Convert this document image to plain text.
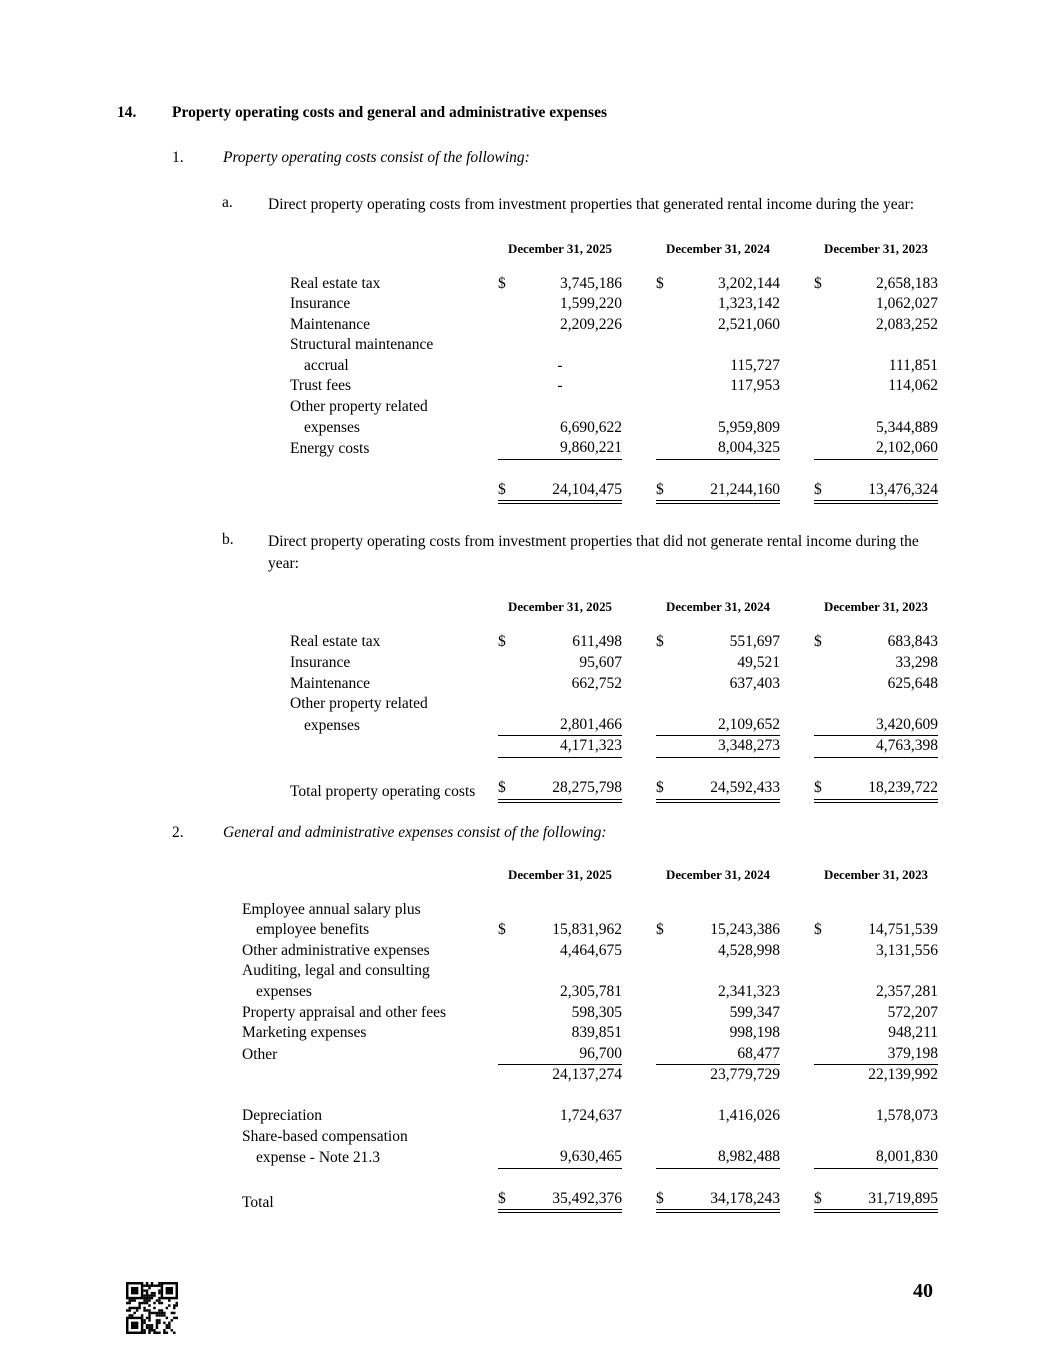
14.	Property operating costs and general and administrative expenses
1.	Property operating costs consist of the following:
a.	Direct property operating costs from investment properties that generated rental income during the year:
December 31, 2025	December 31, 2024	December 31, 2023
Real estate tax	$	3,745,186 $	3,202,144 $	2,658,183
Insurance	1,599,220	1,323,142	1,062,027
Maintenance	2,209,226	2,521,060	2,083,252
Structural maintenance
accrual	-	115,727	111,851
Trust fees	-	117,953	114,062
Other property related
expenses	6,690,622	5,959,809	5,344,889
Energy costs	9,860,221	8,004,325	2,102,060
$	24,104,475 $	21,244,160 $	13,476,324
b.	Direct property operating costs from investment properties that did not generate rental income during the year:
December 31, 2025	December 31, 2024	December 31, 2023
Real estate tax	$	611,498 $	551,697 $	683,843
Insurance	95,607	49,521	33,298
Maintenance	662,752	637,403	625,648
Other property related
expenses	2,801,466	2,109,652	3,420,609
4,171,323	3,348,273	4,763,398
Total property operating costs	$	28,275,798 $	24,592,433 $	18,239,722
2.	General and administrative expenses consist of the following:
December 31, 2025	December 31, 2024	December 31, 2023
Employee annual salary plus
employee benefits	$	15,831,962 $	15,243,386 $	14,751,539
Other administrative expenses	4,464,675	4,528,998	3,131,556
Auditing, legal and consulting
expenses	2,305,781	2,341,323	2,357,281
Property appraisal and other fees	598,305	599,347	572,207
Marketing expenses	839,851	998,198	948,211
Other	96,700	68,477	379,198
24,137,274	23,779,729	22,139,992
Depreciation	1,724,637	1,416,026	1,578,073
Share-based compensation
expense - Note 21.3	9,630,465	8,982,488	8,001,830
Total	$	35,492,376 $	34,178,243 $	31,719,895
40
